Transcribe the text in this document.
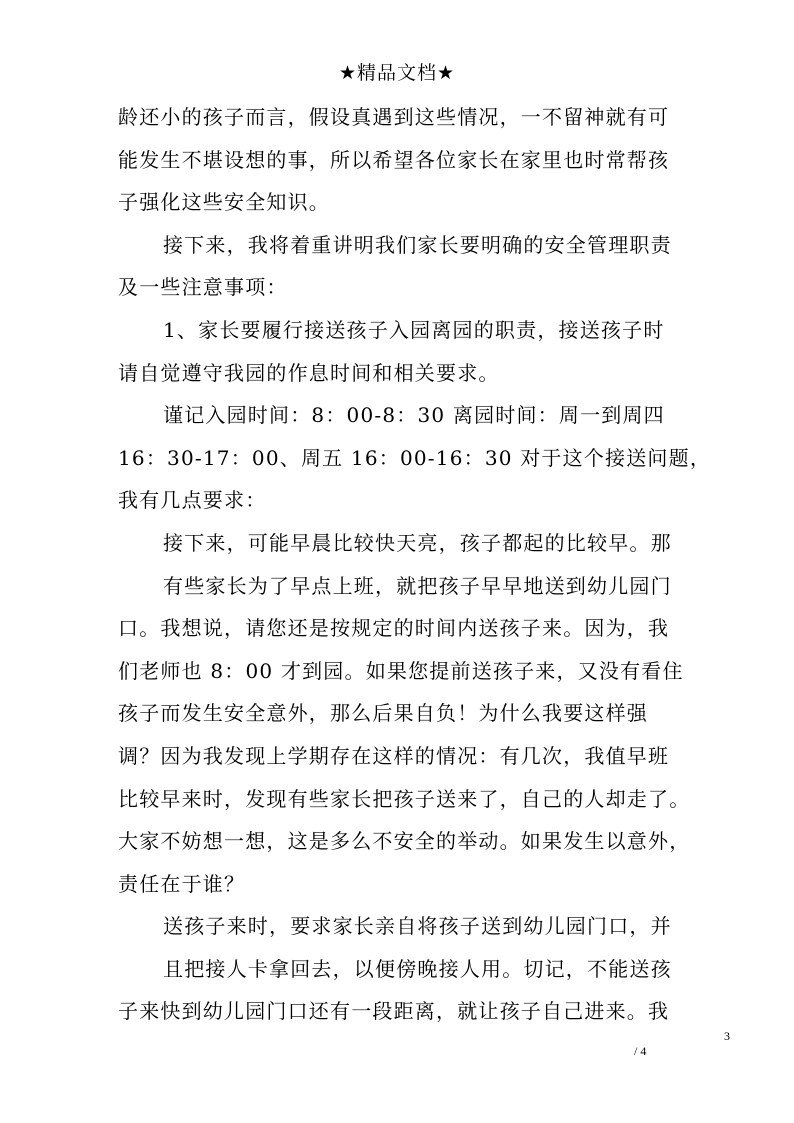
★精品文档★
龄还小的孩子而言，假设真遇到这些情况，一不留神就有可
能发生不堪设想的事，所以希望各位家长在家里也时常帮孩
子强化这些安全知识。
接下来，我将着重讲明我们家长要明确的安全管理职责
及一些注意事项：
1、家长要履行接送孩子入园离园的职责，接送孩子时
请自觉遵守我园的作息时间和相关要求。
谨记入园时间：8：00-8：30 离园时间：周一到周四
16：30-17：00、周五 16：00-16：30 对于这个接送问题，
我有几点要求：
接下来，可能早晨比较快天亮，孩子都起的比较早。那
有些家长为了早点上班，就把孩子早早地送到幼儿园门
口。我想说，请您还是按规定的时间内送孩子来。因为，我
们老师也 8：00 才到园。如果您提前送孩子来，又没有看住
孩子而发生安全意外，那么后果自负！为什么我要这样强
调？因为我发现上学期存在这样的情况：有几次，我值早班
比较早来时，发现有些家长把孩子送来了，自己的人却走了。
大家不妨想一想，这是多么不安全的举动。如果发生以意外，
责任在于谁？
送孩子来时，要求家长亲自将孩子送到幼儿园门口，并
且把接人卡拿回去，以便傍晚接人用。切记，不能送孩
子来快到幼儿园门口还有一段距离，就让孩子自己进来。我
3
/ 4
